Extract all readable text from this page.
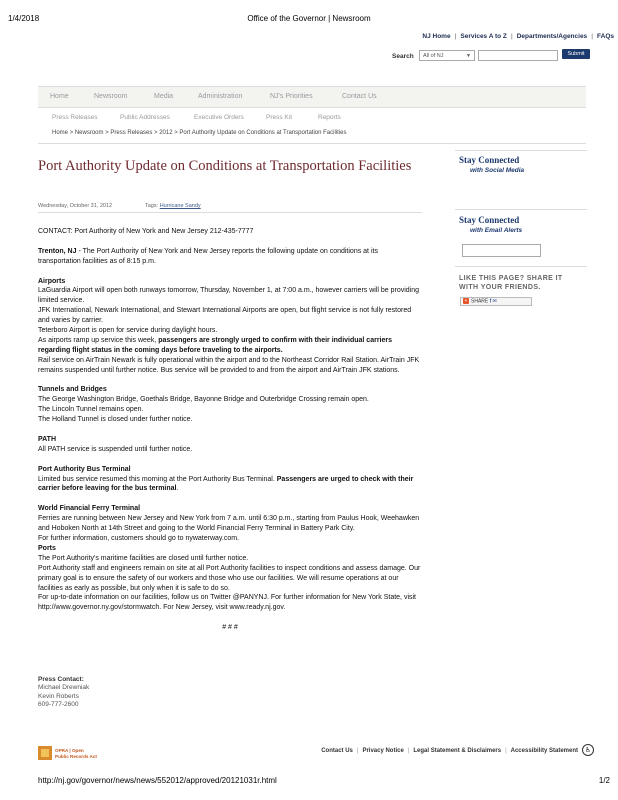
1/4/2018	Office of the Governor | Newsroom
NJ Home | Services A to Z | Departments/Agencies | FAQs
Search	All of NJ	▼	Submit
Home	Newsroom	Media	Administration	NJ's Priorities	Contact Us
Press Releases	Public Addresses	Executive Orders	Press Kit	Reports
Home > Newsroom > Press Releases > 2012 > Port Authority Update on Conditions at Transportation Facilities
Port Authority Update on Conditions at Transportation Facilities
Wednesday, October 31, 2012	Tags: Hurricane Sandy

CONTACT: Port Authority of New York and New Jersey 212-435-7777

Trenton, NJ - The Port Authority of New York and New Jersey reports the following update on conditions at its transportation facilities as of 8:15 p.m.

Airports

LaGuardia Airport will open both runways tomorrow, Thursday, November 1, at 7:00 a.m., however carriers will be providing limited service.

JFK International, Newark International, and Stewart International Airports are open, but flight service is not fully restored and varies by carrier.

Teterboro Airport is open for service during daylight hours.

As airports ramp up service this week, passengers are strongly urged to confirm with their individual carriers regarding flight status in the coming days before traveling to the airports.

Rail service on AirTrain Newark is fully operational within the airport and to the Northeast Corridor Rail Station. AirTrain JFK remains suspended until further notice. Bus service will be provided to and from the airport and AirTrain JFK stations.

Tunnels and Bridges

The George Washington Bridge, Goethals Bridge, Bayonne Bridge and Outerbridge Crossing remain open.

The Lincoln Tunnel remains open.

The Holland Tunnel is closed under further notice.

PATH

All PATH service is suspended until further notice.

Port Authority Bus Terminal

Limited bus service resumed this morning at the Port Authority Bus Terminal. Passengers are urged to check with their carrier before leaving for the bus terminal.

World Financial Ferry Terminal

Ferries are running between New Jersey and New York from 7 a.m. until 6:30 p.m., starting from Paulus Hook, Weehawken and Hoboken North at 14th Street and going to the World Financial Ferry Terminal in Battery Park City.

For further information, customers should go to nywaterway.com.

Ports

The Port Authority's maritime facilities are closed until further notice.

Port Authority staff and engineers remain on site at all Port Authority facilities to inspect conditions and assess damage. Our primary goal is to ensure the safety of our workers and those who use our facilities. We will resume operations at our facilities as early as possible, but only when it is safe to do so.

For up-to-date information on our facilities, follow us on Twitter @PANYNJ. For further information for New York State, visit http://www.governor.ny.gov/stormwatch. For New Jersey, visit www.ready.nj.gov.

# # #

Stay Connected
with Social Media
Stay Connected
with Email Alerts
LIKE THIS PAGE? SHARE IT WITH YOUR FRIENDS.
+ SHARE f ✉
Press Contact:
Michael Drewniak
Kevin Roberts
609-777-2600
OPRA | Open
Public Records Act
Contact Us | Privacy Notice | Legal Statement & Disclaimers | Accessibility Statement ♿
http://nj.gov/governor/news/news/552012/approved/20121031r.html	1/2
